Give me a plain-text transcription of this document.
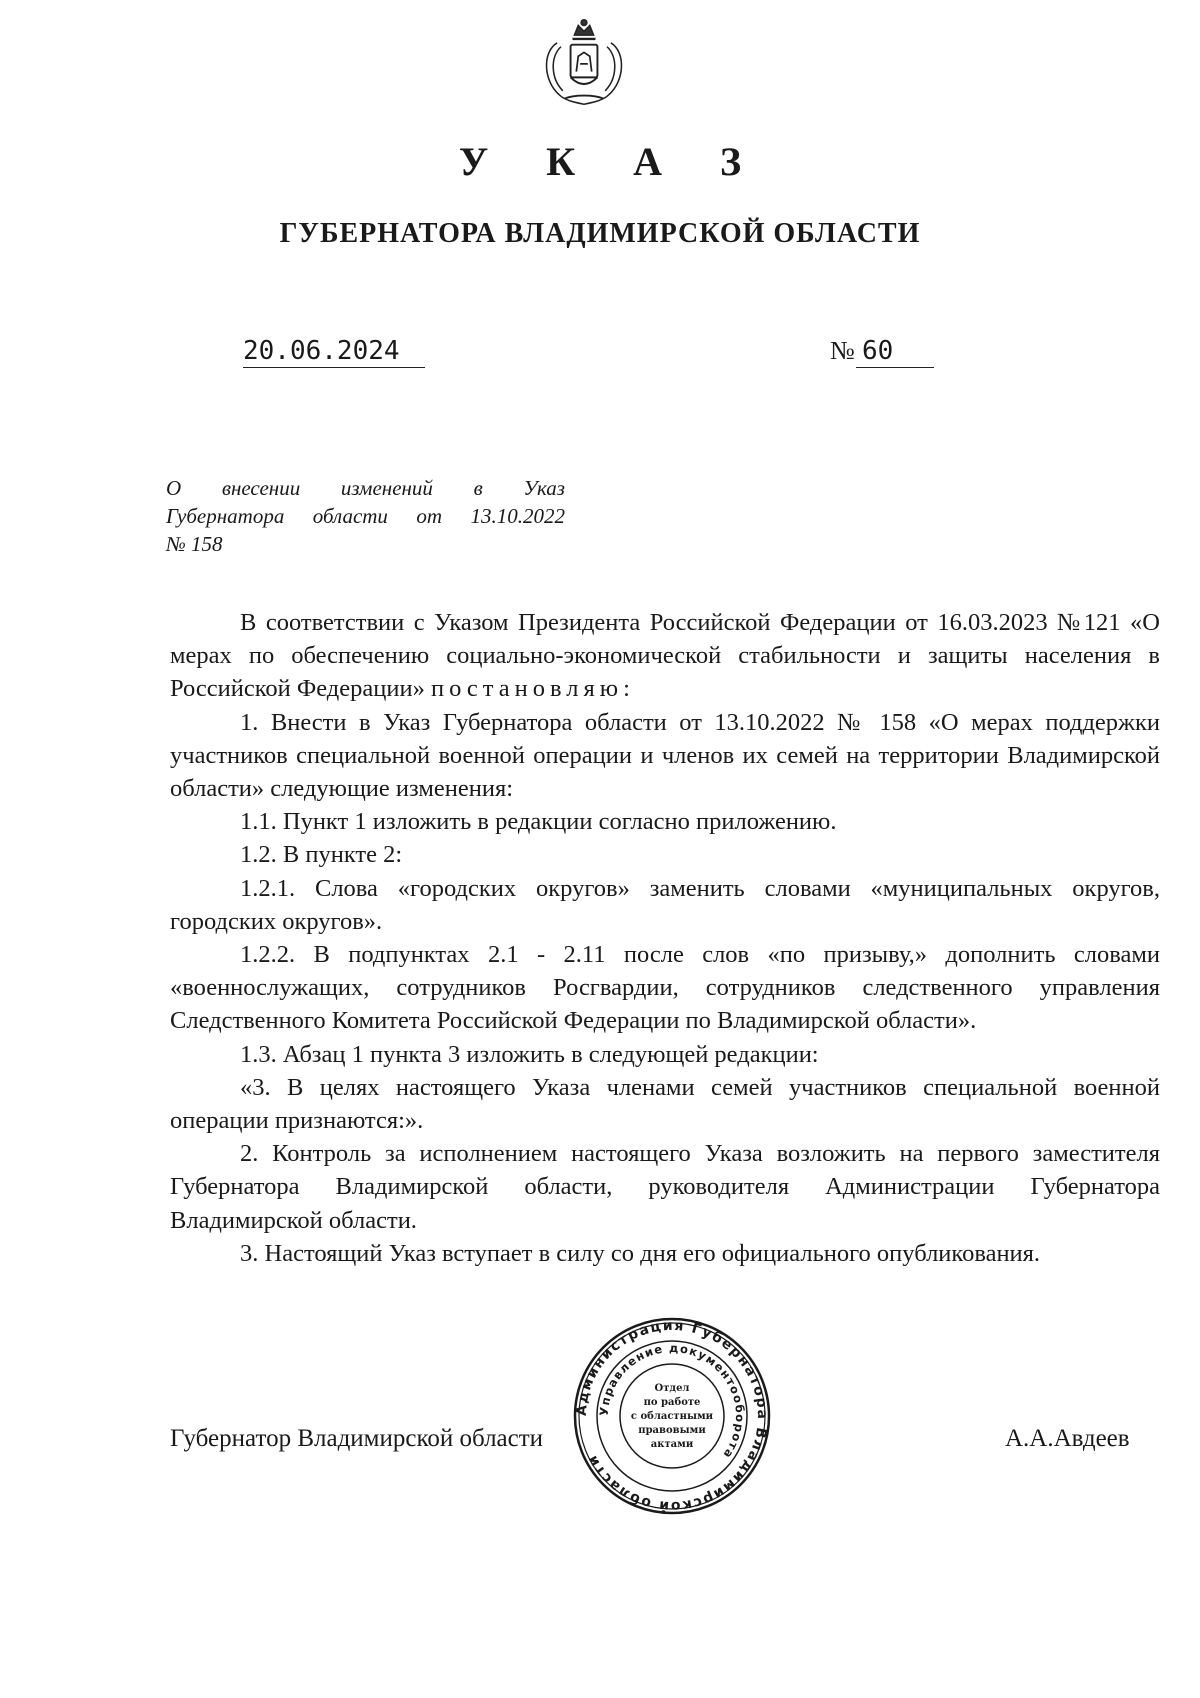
У К А З
ГУБЕРНАТОРА ВЛАДИМИРСКОЙ ОБЛАСТИ
20.06.2024	№ 60
О внесении изменений в Указ
Губернатора области от 13.10.2022
№ 158

В соответствии с Указом Президента Российской Федерации от 16.03.2023 №121 «О мерах по обеспечению социально-экономической стабильности и защиты населения в Российской Федерации» постановляю:

1. Внести в Указ Губернатора области от 13.10.2022 № 158 «О мерах поддержки участников специальной военной операции и членов их семей на территории Владимирской области» следующие изменения:

1.1. Пункт 1 изложить в редакции согласно приложению.

1.2. В пункте 2:

1.2.1. Слова «городских округов» заменить словами «муниципальных округов, городских округов».

1.2.2. В подпунктах 2.1 - 2.11 после слов «по призыву,» дополнить словами «военнослужащих, сотрудников Росгвардии, сотрудников следственного управления Следственного Комитета Российской Федерации по Владимирской области».

1.3. Абзац 1 пункта 3 изложить в следующей редакции:

«3. В целях настоящего Указа членами семей участников специальной военной операции признаются:».

2. Контроль за исполнением настоящего Указа возложить на первого заместителя Губернатора Владимирской области, руководителя Администрации Губернатора Владимирской области.

3. Настоящий Указ вступает в силу со дня его официального опубликования.

Губернатор Владимирской области	А.А.Авдеев
Администрация Губернатора Владимирской области
Управление документооборота
Отдел
по работе
с областными
правовыми
актами
